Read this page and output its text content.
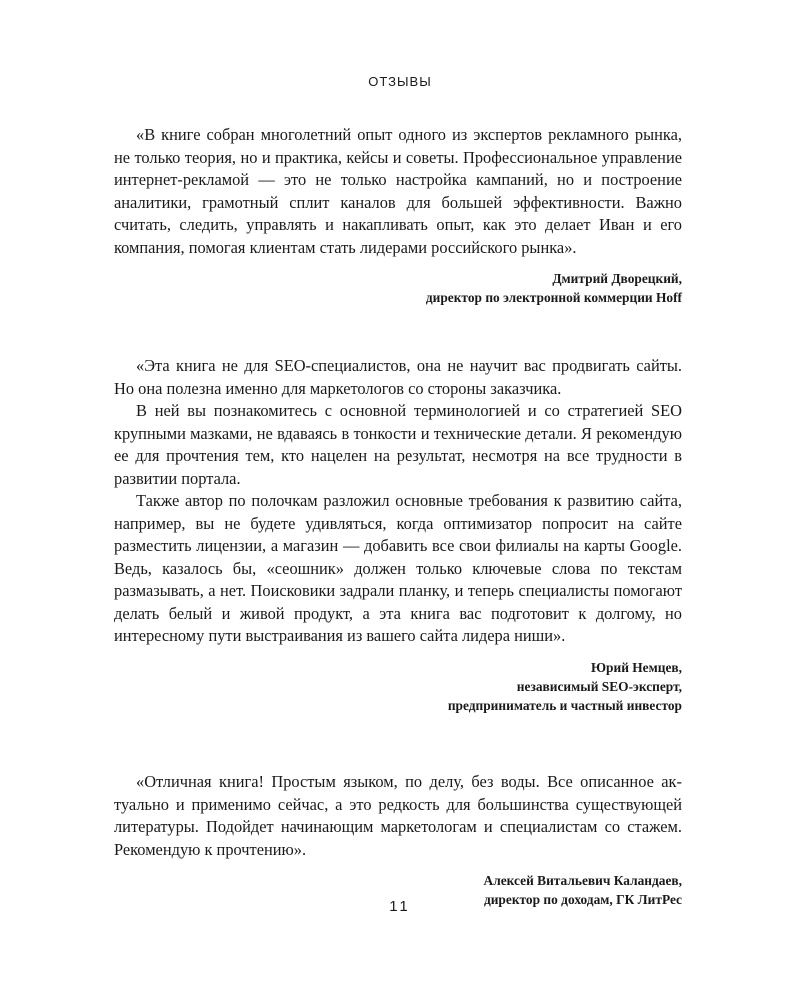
ОТЗЫВЫ

«В книге собран многолетний опыт одного из экспертов рекламного рынка, не только теория, но и практика, кейсы и советы. Профессиональное управление интернет-рекламой — это не только настройка кампаний, но и построение аналитики, грамотный сплит каналов для большей эффективности. Важно считать, следить, управлять и накапливать опыт, как это делает Иван и его компания, помогая клиентам стать лидерами российского рынка».

Дмитрий Дворецкий,
директор по электронной коммерции Hoff

«Эта книга не для SEO-специалистов, она не научит вас продвигать сайты. Но она полезна именно для маркетологов со стороны заказчика.

В ней вы познакомитесь с основной терминологией и со стратегией SEO крупными мазками, не вдаваясь в тонкости и технические детали. Я рекомендую ее для прочтения тем, кто нацелен на результат, несмотря на все трудности в развитии портала.

Также автор по полочкам разложил основные требования к развитию сайта, например, вы не будете удивляться, когда оптимизатор попросит на сайте разместить лицензии, а магазин — добавить все свои филиалы на карты Google. Ведь, казалось бы, «сеошник» должен только ключевые слова по текстам размазывать, а нет. Поисковики задрали планку, и теперь специалисты помогают делать белый и живой продукт, а эта книга вас подготовит к долгому, но интересному пути выстраивания из вашего сайта лидера ниши».

Юрий Немцев,
независимый SEO-эксперт,
предприниматель и частный инвестор

«Отличная книга! Простым языком, по делу, без воды. Все описанное актуально и применимо сейчас, а это редкость для большинства существующей литературы. Подойдет начинающим маркетологам и специалистам со стажем. Рекомендую к прочтению».

Алексей Витальевич Каландаев,
директор по доходам, ГК ЛитРес
11
